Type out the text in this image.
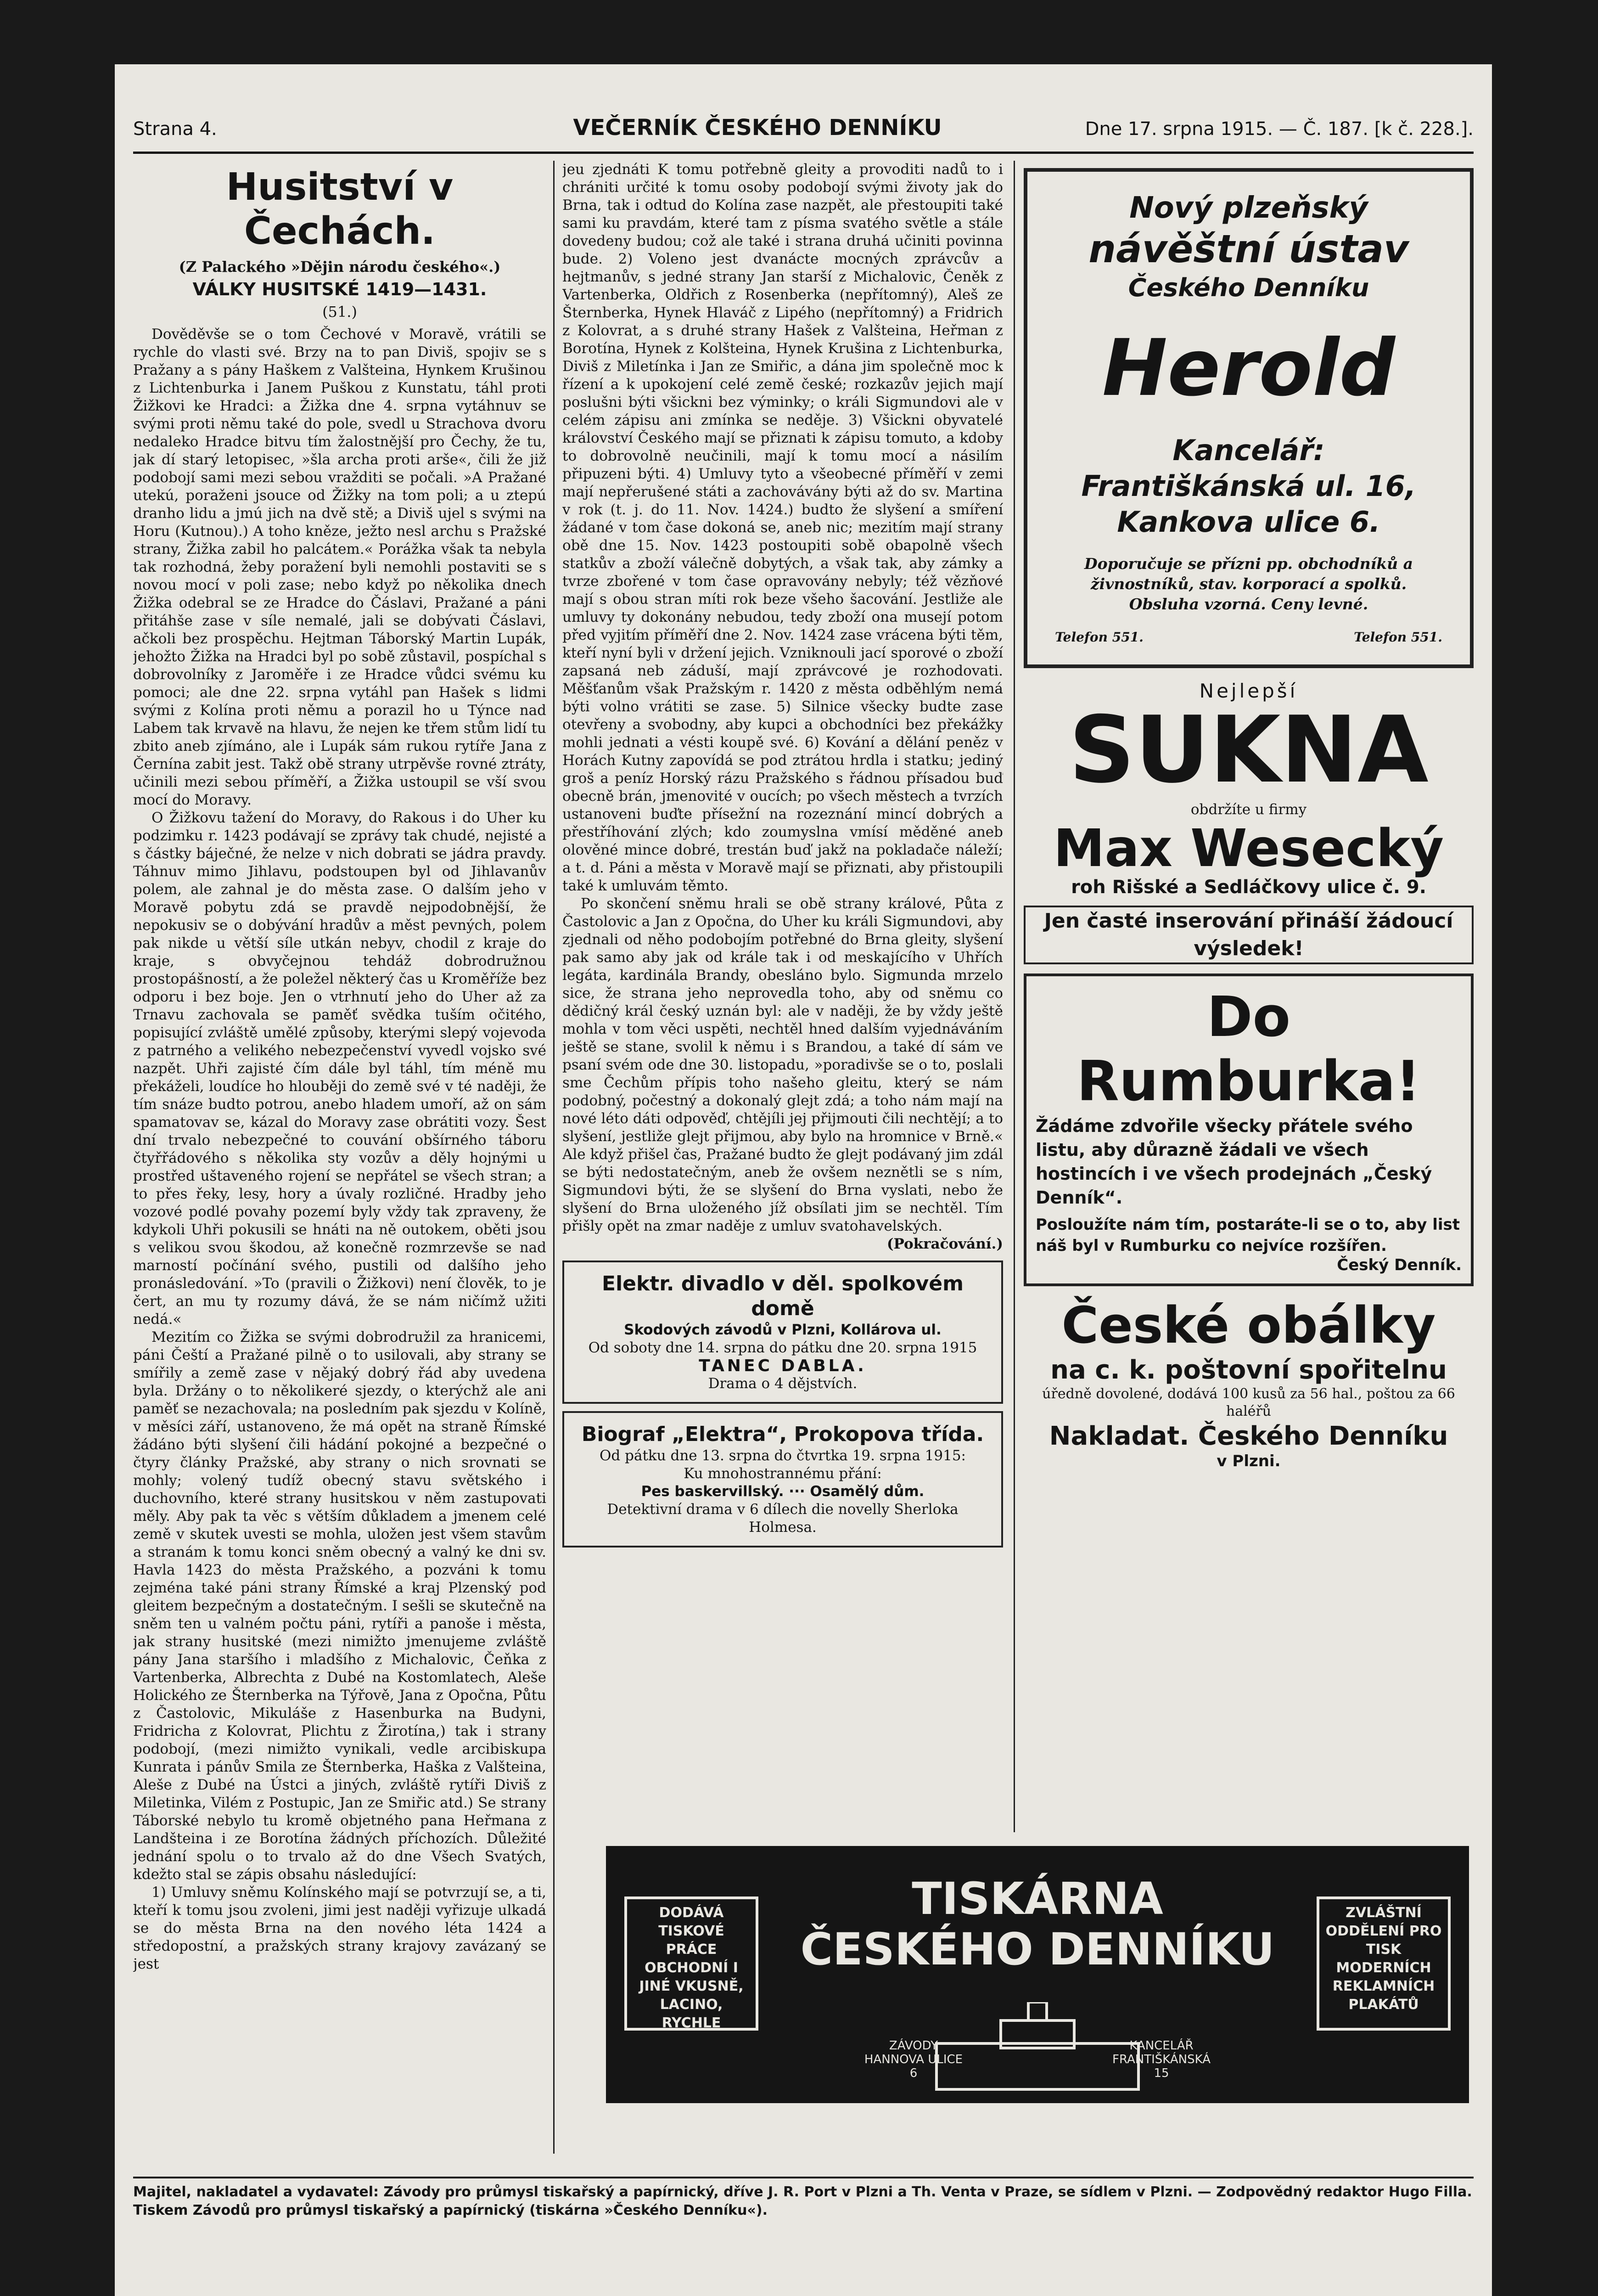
Strana 4.	VEČERNÍK ČESKÉHO DENNÍKU	Dne 17. srpna 1915. — Č. 187. [k č. 228.].
Husitství v Čechách.

(Z Palackého »Dějin národu českého«.)

VÁLKY HUSITSKÉ 1419—1431.
(51.)

Dověděvše se o tom Čechové v Moravě, vrátili se rychle do vlasti své. Brzy na to pan Diviš, spojiv se s Pražany a s pány Haškem z Valšteina, Hynkem Krušinou z Lichtenburka i Janem Puškou z Kunstatu, táhl proti Žižkovi ke Hradci: a Žižka dne 4. srpna vytáhnuv se svými proti němu také do pole, svedl u Strachova dvoru nedaleko Hradce bitvu tím žalostnější pro Čechy, že tu, jak dí starý letopisec, »šla archa proti arše«, čili že již podobojí sami mezi sebou vražditi se počali. »A Pražané utekú, poraženi jsouce od Žižky na tom poli; a u ztepú dranho lidu a jmú jich na dvě stě; a Diviš ujel s svými na Horu (Kutnou).) A toho kněze, ježto nesl archu s Pražské strany, Žižka zabil ho palcátem.« Porážka však ta nebyla tak rozhodná, žeby poražení byli nemohli postaviti se s novou mocí v poli zase; nebo když po několika dnech Žižka odebral se ze Hradce do Čáslavi, Pražané a páni přitáhše zase v síle nemalé, jali se dobývati Čáslavi, ačkoli bez prospěchu. Hejtman Táborský Martin Lupák, jehožto Žižka na Hradci byl po sobě zůstavil, pospíchal s dobrovolníky z Jaroměře i ze Hradce vůdci svému ku pomoci; ale dne 22. srpna vytáhl pan Hašek s lidmi svými z Kolína proti němu a porazil ho u Týnce nad Labem tak krvavě na hlavu, že nejen ke třem stům lidí tu zbito aneb zjímáno, ale i Lupák sám rukou rytíře Jana z Černína zabit jest. Takž obě strany utrpěvše rovné ztráty, učinili mezi sebou příměří, a Žižka ustoupil se vší svou mocí do Moravy.

O Žižkovu tažení do Moravy, do Rakous i do Uher ku podzimku r. 1423 podávají se zprávy tak chudé, nejisté a s částky báječné, že nelze v nich dobrati se jádra pravdy. Táhnuv mimo Jihlavu, podstoupen byl od Jihlavanův polem, ale zahnal je do města zase. O dalším jeho v Moravě pobytu zdá se pravdě nejpodobnější, že nepokusiv se o dobývání hradův a měst pevných, polem pak nikde u větší síle utkán nebyv, chodil z kraje do kraje, s obvyčejnou tehdáž dobrodružnou prostopášností, a že poležel některý čas u Kroměříže bez odporu i bez boje. Jen o vtrhnutí jeho do Uher až za Trnavu zachovala se paměť svědka tuším očitého, popisující zvláště umělé způsoby, kterými slepý vojevoda z patrného a velikého nebezpečenství vyvedl vojsko své nazpět. Uhři zajisté čím dále byl táhl, tím méně mu překáželi, loudíce ho hlouběji do země své v té naději, že tím snáze budto potrou, anebo hladem umoří, až on sám spamatovav se, kázal do Moravy zase obrátiti vozy. Šest dní trvalo nebezpečné to couvání obšírného táboru čtyřřádového s několika sty vozův a děly hojnými u prostřed uštaveného rojení se nepřátel se všech stran; a to přes řeky, lesy, hory a úvaly rozličné. Hradby jeho vozové podlé povahy pozemí byly vždy tak zpraveny, že kdykoli Uhři pokusili se hnáti na ně outokem, oběti jsou s velikou svou škodou, až konečně rozmrzevše se nad marností počínání svého, pustili od dalšího jeho pronásledování. »To (pravili o Žižkovi) není člověk, to je čert, an mu ty rozumy dává, že se nám ničímž užiti nedá.«

Mezitím co Žižka se svými dobrodružil za hranicemi, páni Čeští a Pražané pilně o to usilovali, aby strany se smířily a země zase v nějaký dobrý řád aby uvedena byla. Držány o to několikeré sjezdy, o kterýchž ale ani paměť se nezachovala; na posledním pak sjezdu v Kolíně, v měsíci září, ustanoveno, že má opět na straně Římské žádáno býti slyšení čili hádání pokojné a bezpečné o čtyry články Pražské, aby strany o nich srovnati se mohly; volený tudíž obecný stavu světského i duchovního, které strany husitskou v něm zastupovati měly. Aby pak ta věc s větším důkladem a jmenem celé země v skutek uvesti se mohla, uložen jest všem stavům a stranám k tomu konci sněm obecný a valný ke dni sv. Havla 1423 do města Pražského, a pozváni k tomu zejména také páni strany Římské a kraj Plzenský pod gleitem bezpečným a dostatečným. I sešli se skutečně na sněm ten u valném počtu páni, rytíři a panoše i města, jak strany husitské (mezi nimižto jmenujeme zvláště pány Jana staršího i mladšího z Michalovic, Čeňka z Vartenberka, Albrechta z Dubé na Kostomlatech, Aleše Holického ze Šternberka na Týřově, Jana z Opočna, Půtu z Častolovic, Mikuláše z Hasenburka na Budyni, Fridricha z Kolovrat, Plichtu z Žirotína,) tak i strany podobojí, (mezi nimižto vynikali, vedle arcibiskupa Kunrata i pánův Smila ze Šternberka, Haška z Valšteina, Aleše z Dubé na Ústci a jiných, zvláště rytíři Diviš z Miletinka, Vilém z Postupic, Jan ze Smiřic atd.) Se strany Táborské nebylo tu kromě objetného pana Heřmana z Landšteina i ze Borotína žádných příchozích. Důležité jednání spolu o to trvalo až do dne Všech Svatých, kdežto stal se zápis obsahu následující:

1) Umluvy sněmu Kolínského mají se potvrzují se, a ti, kteří k tomu jsou zvoleni, jimi jest naději vyřizuje ulkadá se do města Brna na den nového léta 1424 a středopostní, a pražských strany krajovy zavázaný se jest

jeu zjednáti K tomu potřebně gleity a provoditi nadů to i chrániti určité k tomu osoby podobojí svými životy jak do Brna, tak i odtud do Kolína zase nazpět, ale přestoupiti také sami ku pravdám, které tam z písma svatého světle a stále dovedeny budou; což ale také i strana druhá učiniti povinna bude. 2) Voleno jest dvanácte mocných zprávcův a hejtmanův, s jedné strany Jan starší z Michalovic, Čeněk z Vartenberka, Oldřich z Rosenberka (nepřítomný), Aleš ze Šternberka, Hynek Hlaváč z Lipého (nepřítomný) a Fridrich z Kolovrat, a s druhé strany Hašek z Valšteina, Heřman z Borotína, Hynek z Kolšteina, Hynek Krušina z Lichtenburka, Diviš z Miletínka i Jan ze Smiřic, a dána jim společně moc k řízení a k upokojení celé země české; rozkazův jejich mají poslušni býti všickni bez výminky; o králi Sigmundovi ale v celém zápisu ani zmínka se neděje. 3) Všickni obyvatelé království Českého mají se přiznati k zápisu tomuto, a kdoby to dobrovolně neučinili, mají k tomu mocí a násilím připuzeni býti. 4) Umluvy tyto a všeobecné příměří v zemi mají nepřerušené státi a zachovávány býti až do sv. Martina v rok (t. j. do 11. Nov. 1424.) budto že slyšení a smíření žádané v tom čase dokoná se, aneb nic; mezitím mají strany obě dne 15. Nov. 1423 postoupiti sobě obapolně všech statkův a zboží válečně dobytých, a však tak, aby zámky a tvrze zbořené v tom čase opravovány nebyly; též vězňové mají s obou stran míti rok beze všeho šacování. Jestliže ale umluvy ty dokonány nebudou, tedy zboží ona musejí potom před vyjitím příměří dne 2. Nov. 1424 zase vrácena býti těm, kteří nyní byli v držení jejich. Vzniknouli jací sporové o zboží zapsaná neb záduší, mají zprávcové je rozhodovati. Měšťanům však Pražským r. 1420 z města odběhlým nemá býti volno vrátiti se zase. 5) Silnice všecky budte zase otevřeny a svobodny, aby kupci a obchodníci bez překážky mohli jednati a vésti koupě své. 6) Kování a dělání peněz v Horách Kutny zapovídá se pod ztrátou hrdla i statku; jediný groš a peníz Horský rázu Pražského s řádnou přísadou buď obecně brán, jmenovité v oucích; po všech městech a tvrzích ustanoveni buďte přísežní na rozeznání mincí dobrých a přestříhování zlých; kdo zoumyslna vmísí měděné aneb olověné mince dobré, trestán buď jakž na pokladače náleží; a t. d. Páni a města v Moravě mají se přiznati, aby přistoupili také k umluvám těmto.

Po skončení sněmu hrali se obě strany králové, Půta z Častolovic a Jan z Opočna, do Uher ku králi Sigmundovi, aby zjednali od něho podobojím potřebné do Brna gleity, slyšení pak samo aby jak od krále tak i od meskajícího v Uhřích legáta, kardinála Brandy, obesláno bylo. Sigmunda mrzelo sice, že strana jeho neprovedla toho, aby od sněmu co dědičný král český uznán byl: ale v naději, že by vždy ještě mohla v tom věci uspěti, nechtěl hned dalším vyjednáváním ještě se stane, svolil k němu i s Brandou, a také dí sám ve psaní svém ode dne 30. listopadu, »poradivše se o to, poslali sme Čechům přípis toho našeho gleitu, který se nám podobný, počestný a dokonalý glejt zdá; a toho nám mají na nové léto dáti odpověď, chtějíli jej přijmouti čili nechtějí; a to slyšení, jestliže glejt přijmou, aby bylo na hromnice v Brně.« Ale když přišel čas, Pražané budto že glejt podávaný jim zdál se býti nedostatečným, aneb že ovšem neznětli se s ním, Sigmundovi býti, že se slyšení do Brna vyslati, nebo že slyšení do Brna uloženého jíž obsílati jim se nechtěl. Tím přišly opět na zmar naděje z umluv svatohavelských.

(Pokračování.)

Elektr. divadlo v děl. spolkovém domě
Skodových závodů v Plzni, Kollárova ul.
Od soboty dne 14. srpna do pátku dne 20. srpna 1915
TANEC DABLA.
Drama o 4 dějstvích.
Biograf „Elektra“, Prokopova třída.
Od pátku dne 13. srpna do čtvrtka 19. srpna 1915:
Ku mnohostrannému přání:
Pes baskervillský. ··· Osamělý dům.
Detektivní drama v 6 dílech die novelly Sherloka Holmesa.
Nový plzeňský
návěštní ústav
Českého Denníku
Herold
Kancelář:
Františkánská ul. 16,
Kankova ulice 6.
Doporučuje se přízni pp. obchodníků a živnostníků, stav. korporací a spolků. Obsluha vzorná. Ceny levné.
Telefon 551.	Telefon 551.
Nejlepší
SUKNA
obdržíte u firmy
Max Wesecký
roh Rišské a Sedláčkovy ulice č. 9.
Jen časté inserování přináší žádoucí výsledek!
Do Rumburka!
Žádáme zdvořile všecky přátele svého listu, aby důrazně žádali ve všech hostincích i ve všech prodejnách „Český Denník“.
Posloužíte nám tím, postaráte-li se o to, aby list náš byl v Rumburku co nejvíce rozšířen.
Český Denník.
České obálky
na c. k. poštovní spořitelnu
úředně dovolené, dodává 100 kusů za 56 hal., poštou za 66 haléřů
Nakladat. Českého Denníku
v Plzni.
TISKÁRNA
ČESKÉHO DENNÍKU
DODÁVÁ TISKOVÉ PRÁCE OBCHODNÍ I JINÉ VKUSNĚ, LACINO, RYCHLE
ZVLÁŠTNÍ ODDĚLENÍ PRO TISK MODERNÍCH REKLAMNÍCH PLAKÁTŮ
ZÁVODY HANNOVA ULICE 6
KANCELÁŘ FRANTIŠKÁNSKÁ 15
Majitel, nakladatel a vydavatel: Závody pro průmysl tiskařský a papírnický, dříve J. R. Port v Plzni a Th. Venta v Praze, se sídlem v Plzni. — Zodpovědný redaktor Hugo Filla. Tiskem Závodů pro průmysl tiskařský a papírnický (tiskárna »Českého Denníku«).
